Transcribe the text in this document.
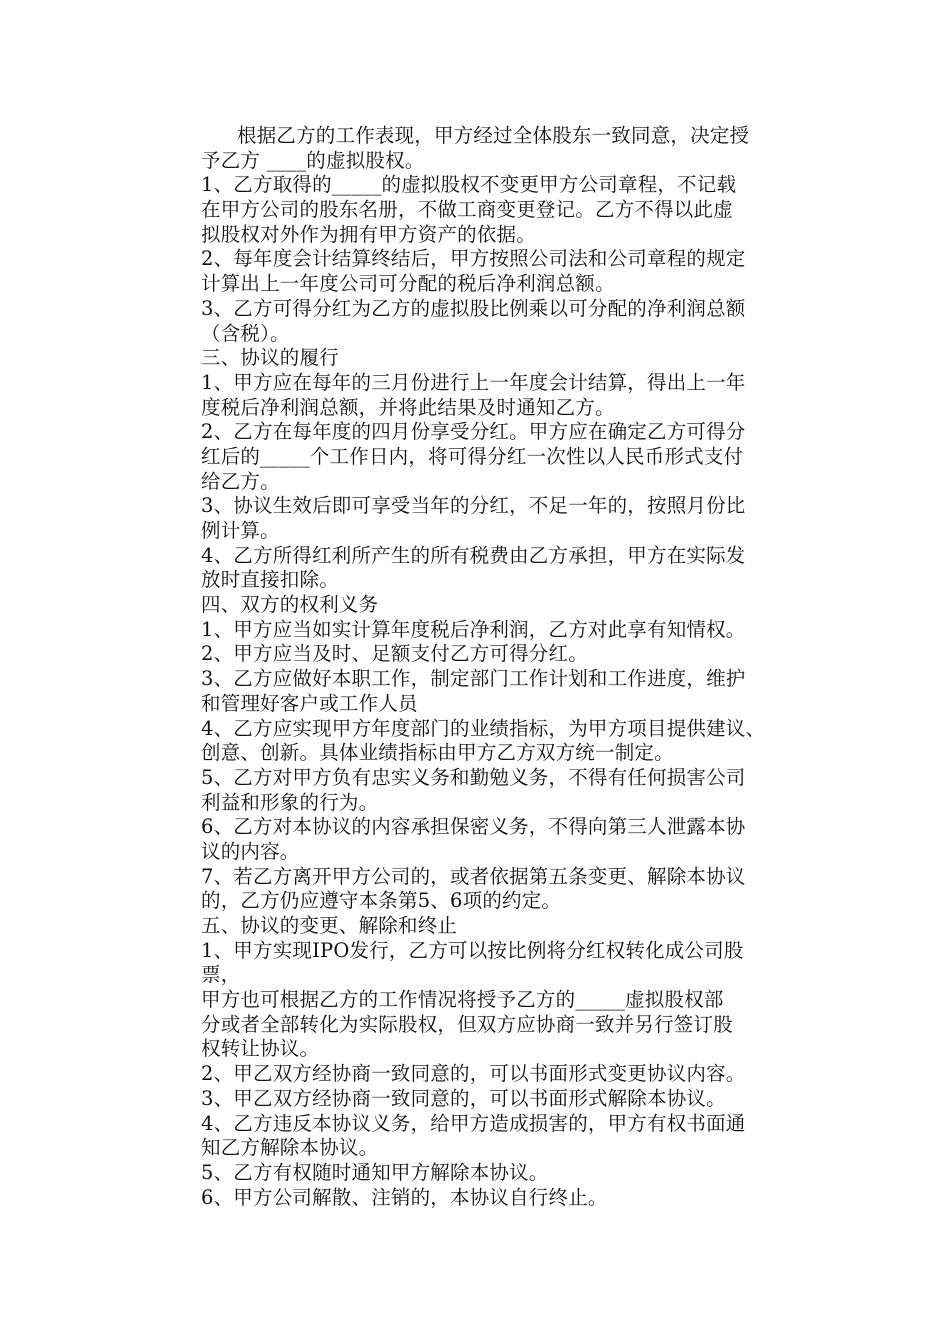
根据乙方的工作表现，甲方经过全体股东一致同意，决定授
予乙方 ____的虚拟股权。
1、乙方取得的_____的虚拟股权不变更甲方公司章程，不记载
在甲方公司的股东名册，不做工商变更登记。乙方不得以此虚
拟股权对外作为拥有甲方资产的依据。
2、每年度会计结算终结后，甲方按照公司法和公司章程的规定
计算出上一年度公司可分配的税后净利润总额。
3、乙方可得分红为乙方的虚拟股比例乘以可分配的净利润总额
（含税）。
三、协议的履行
1、甲方应在每年的三月份进行上一年度会计结算，得出上一年
度税后净利润总额，并将此结果及时通知乙方。
2、乙方在每年度的四月份享受分红。甲方应在确定乙方可得分
红后的_____个工作日内，将可得分红一次性以人民币形式支付
给乙方。
3、协议生效后即可享受当年的分红，不足一年的，按照月份比
例计算。
4、乙方所得红利所产生的所有税费由乙方承担，甲方在实际发
放时直接扣除。
四、双方的权利义务
1、甲方应当如实计算年度税后净利润，乙方对此享有知情权。
2、甲方应当及时、足额支付乙方可得分红。
3、乙方应做好本职工作，制定部门工作计划和工作进度，维护
和管理好客户或工作人员
4、乙方应实现甲方年度部门的业绩指标，为甲方项目提供建议、
创意、创新。具体业绩指标由甲方乙方双方统一制定。
5、乙方对甲方负有忠实义务和勤勉义务，不得有任何损害公司
利益和形象的行为。
6、乙方对本协议的内容承担保密义务，不得向第三人泄露本协
议的内容。
7、若乙方离开甲方公司的，或者依据第五条变更、解除本协议
的，乙方仍应遵守本条第5、6项的约定。
五、协议的变更、解除和终止
1、甲方实现IPO发行，乙方可以按比例将分红权转化成公司股
票，
甲方也可根据乙方的工作情况将授予乙方的_____虚拟股权部
分或者全部转化为实际股权，但双方应协商一致并另行签订股
权转让协议。
2、甲乙双方经协商一致同意的，可以书面形式变更协议内容。
3、甲乙双方经协商一致同意的，可以书面形式解除本协议。
4、乙方违反本协议义务，给甲方造成损害的，甲方有权书面通
知乙方解除本协议。
5、乙方有权随时通知甲方解除本协议。
6、甲方公司解散、注销的，本协议自行终止。
